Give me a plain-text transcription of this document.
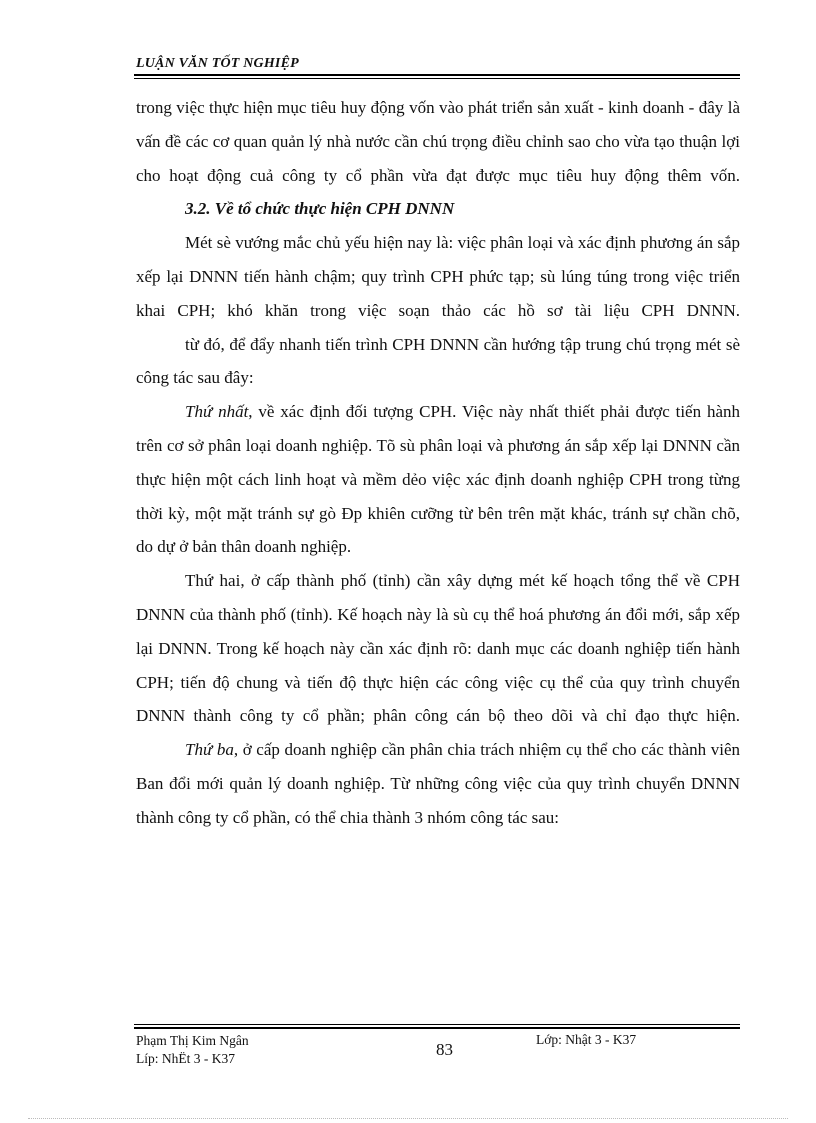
LUẬN VĂN TỐT NGHIỆP

trong việc thực hiện mục tiêu huy động vốn vào phát triển sản xuất - kinh doanh - đây là vấn đề các cơ quan quản lý nhà nước cần chú trọng điều chỉnh sao cho vừa tạo thuận lợi cho hoạt động cuả công ty cổ phần vừa đạt được mục tiêu huy động thêm vốn.

3.2. Về tổ chức thực hiện CPH DNNN

Mét sè vướng mắc chủ yếu hiện nay là: việc phân loại và xác định phương án sắp xếp lại DNNN tiến hành chậm; quy trình CPH phức tạp; sù lúng túng trong việc triển khai CPH; khó khăn trong việc soạn thảo các hồ sơ tài liệu CPH DNNN.

từ đó, để đẩy nhanh tiến trình CPH DNNN cần hướng tập trung chú trọng mét sè công tác sau đây:

Thứ nhất, về xác định đối tượng CPH. Việc này nhất thiết phải được tiến hành trên cơ sở phân loại doanh nghiệp. Tõ sù phân loại và phương án sắp xếp lại DNNN cần thực hiện một cách linh hoạt và mềm dẻo việc xác định doanh nghiệp CPH trong từng thời kỳ, một mặt tránh sự gò Ðp khiên cưỡng từ bên trên mặt khác, tránh sự chần chõ, do dự ở bản thân doanh nghiệp.

Thứ hai, ở cấp thành phố (tỉnh) cần xây dựng mét kế hoạch tổng thể về CPH DNNN của thành phố (tỉnh). Kế hoạch này là sù cụ thể hoá phương án đổi mới, sắp xếp lại DNNN. Trong kế hoạch này cần xác định rõ: danh mục các doanh nghiệp tiến hành CPH; tiến độ chung và tiến độ thực hiện các công việc cụ thể của quy trình chuyển DNNN thành công ty cổ phần; phân công cán bộ theo dõi và chỉ đạo thực hiện.

Thứ ba, ở cấp doanh nghiệp cần phân chia trách nhiệm cụ thể cho các thành viên Ban đổi mới quản lý doanh nghiệp. Từ những công việc của quy trình chuyển DNNN thành công ty cổ phần, có thể chia thành 3 nhóm công tác sau:

Phạm Thị Kim Ngân
Líp: NhËt 3 - K37	83
Lớp: Nhật 3 - K37
